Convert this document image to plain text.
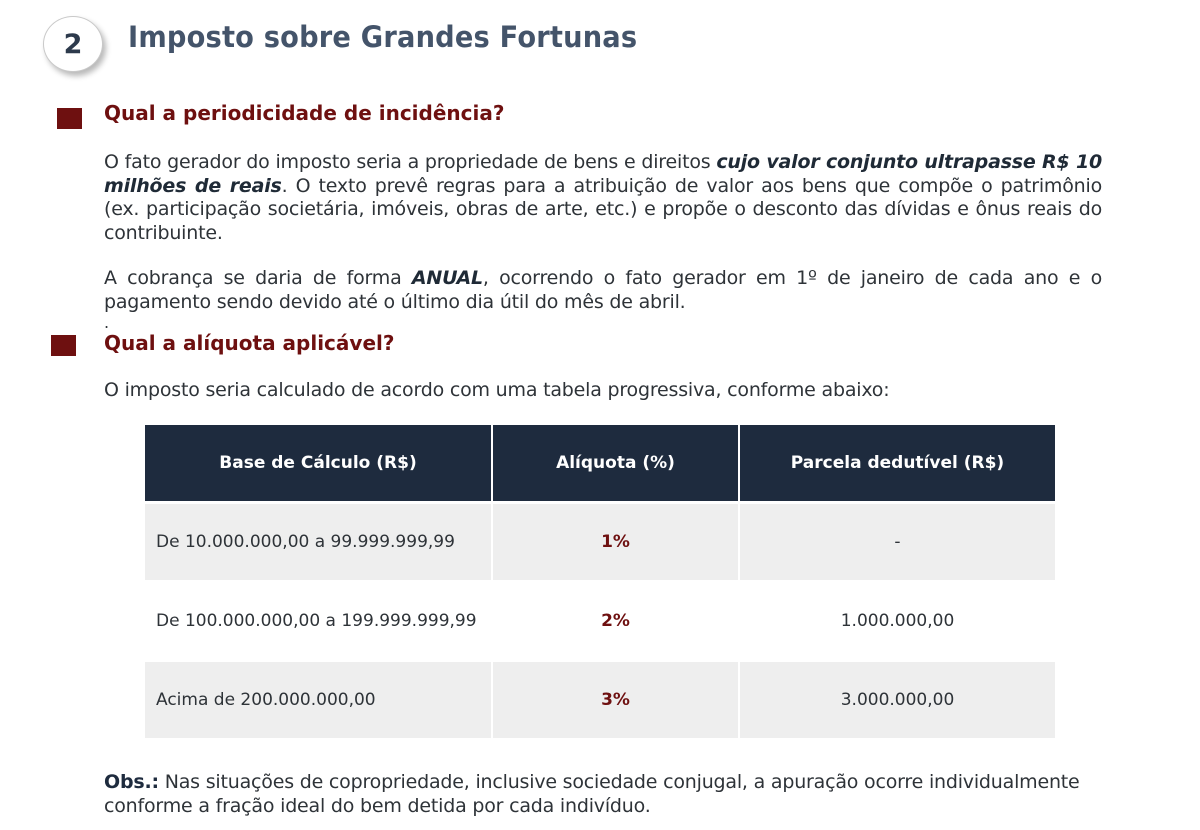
2 Imposto sobre Grandes Fortunas
Qual a periodicidade de incidência?
O fato gerador do imposto seria a propriedade de bens e direitos cujo valor conjunto ultrapasse R$ 10 milhões de reais. O texto prevê regras para a atribuição de valor aos bens que compõe o patrimônio (ex. participação societária, imóveis, obras de arte, etc.) e propõe o desconto das dívidas e ônus reais do contribuinte.
A cobrança se daria de forma ANUAL, ocorrendo o fato gerador em 1º de janeiro de cada ano e o pagamento sendo devido até o último dia útil do mês de abril.
.
Qual a alíquota aplicável?
O imposto seria calculado de acordo com uma tabela progressiva, conforme abaixo:
Base de Cálculo (R$)	Alíquota (%)	Parcela dedutível (R$)
De 10.000.000,00 a 99.999.999,99	1%	-
De 100.000.000,00 a 199.999.999,99	2%	1.000.000,00
Acima de 200.000.000,00	3%	3.000.000,00
Obs.: Nas situações de copropriedade, inclusive sociedade conjugal, a apuração ocorre individualmente conforme a fração ideal do bem detida por cada indivíduo.
